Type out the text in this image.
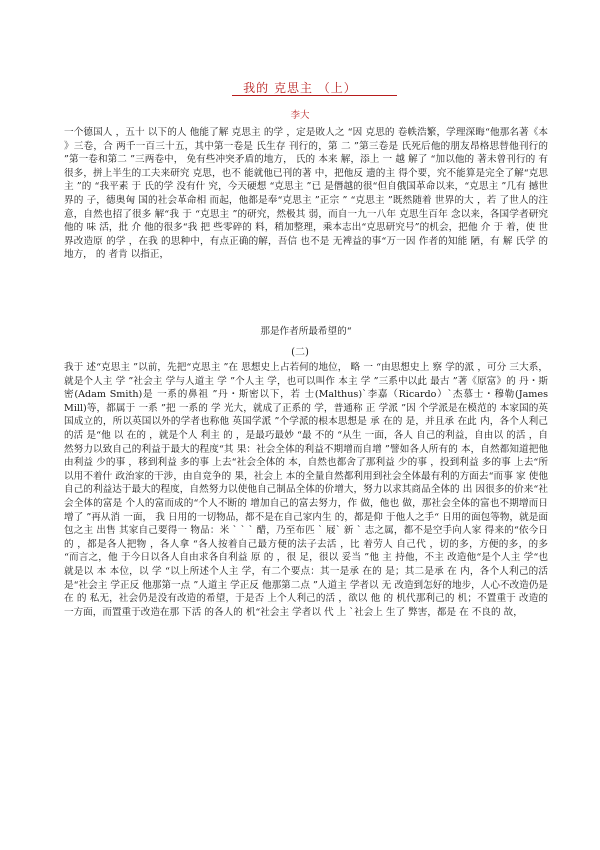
我的 克思主 （上）
李大
一个德国人 ，五十 以下的人 他能了解 克思主 的学 ，定是敗人之 “因 克思的 卷帙浩繁，学理深晦“他那名著《本 》三卷，合 两千一百三十五，其中第一卷是 氏生存 刊行的，第 二 ”第三卷是 氏死后他的朋友昂格思替他刊行的 ”第一卷和第二 ”三两卷中， 免有些冲突矛盾的地方， 氏的 本来 解，添上 一 越 解了 “加以他的 著未曾刊行的 有很多，拼上半生的工夫来研究 克思，也不 能就他已刊的著 中，把他反 遗的主 得个要，究不能算是完全了解“克思主 ”的 “我平素 于 氏的学 没有什 究，今天硬想 “克思主 ”已 是僭越的很“但自俄国革命以来，“克思主 ”几有 撼世界的 子，德奥匈 国的社会革命相 而起，他都是奉“克思主 ”正宗 ” “克思主 ”既然随着 世界的大 ，若 了世人的注意，自然也招了很多 解“我 于 “克思主 ”的研究，然极其 弱，而自一九一八年 克思生百年 念以来，各国学者研究他的 味 活，批 介 他的很多“我 把 些零碎的 料，稍加整理，乘本志出“克思研究号”的机会，把他 介 于 着，使 世界改造原 的学 ，在我 的思种中，有点正确的解，吾信 也不是 无裨益的事“万一因 作者的知能 陋，有 解 氏学 的地方， 的 者肯 以指正，
那是作者所最希望的“
(二)
我于 述“克思主 ”以前，先把“克思主 ”在 思想史上占若何的地位， 略 一 “由思想史上 察 学的派 ，可分 三大系，就是个人主 学 ”社会主 学与人道主 学 ”个人主 学，也可以叫作 本主 学 ”三系中以此 最古 ”著《原富》的 丹・斯密(Adam Smith)是 一系的鼻祖 ”丹・斯密以下，若 士(Malthus)`李嘉（Ricardo）`杰慕士・穆勒(James Mill)等，都属于 一系 ”把 一系的 学 光大，就成了正系的 学，普通称 正 学派 ”因 个学派是在模范的 本家国的英国成立的，所以英国以外的学者也称他 英国学派 ”个学派的根本思想是 承 在的 是，并且承 在此 内，各个人利己的活 是“他 以 在的 ，就是个人 利主 的 ，是最巧最妙 “最 不的 “从生 一面，各人 自己的利益，自由以 的活 ，自然努力以致自己的利益于最大的程度“其 果：社会全体的利益不期增而自增 ”譬如各人所有的 本，自然都知道把他由利益 少的事 ，移到利益 多的事 上去“社会全体的 本，自然也都舍了那利益 少的事 ，投到利益 多的事 上去“所以用不着什 政治家的干涉，由自竞争的 果，社会上 本的全量自然都利用到社会全体最有利的方面去“而事 家 使他自己的利益达于最大的程度，自然努力以使他自己制品全体的价增大，努力以求其商品全体的 出 因很多的价来“社会全体的富是 个人的富而成的“个人不断的 增加自己的富去努力，作 做，他也 做，那社会全体的富也不期增而日增了 ”再从消 一面， 我 日用的一切物品，都不是在自己家内生 的，都是仰 于他人之手“ 日用的面包等物，就是面包之主 出售 其家自己要得一 物品：米 ` ` ` 醋，乃至布匹 ` 屐` 新 ` 志之属，都不是空手向人家 得来的“依今日的 ，都是各人把物 ，各人拿 “各人按着自己最方便的法子去活 ，比 着劳人 自己代 ，切的多，方便的多，的多 “而言之，他 于今日以各人自由求各自利益 原 的 ，很 足，很以 妥当 ”他 主 持他，不主 改造他“是个人主 学“也就是以 本 本位，以 学 “以上所述个人主 学，有二个要点：其一是承 在的 是；其二是承 在 内，各个人利己的活 是“社会主 学正反 他那第一点 ”人道主 学正反 他那第二点 ”人道主 学者以 无 改造到怎好的地步，人心不改造仍是 在 的 私无，社会仍是没有改造的希望，于是否 上个人利己的活 ，欲以 他 的 机代那利己的 机；不置重于 改造的一方面，而置重于改造在那 下活 的各人的 机“社会主 学者以 代 上 `社会上 生了 弊害，都是 在 不良的 故，
